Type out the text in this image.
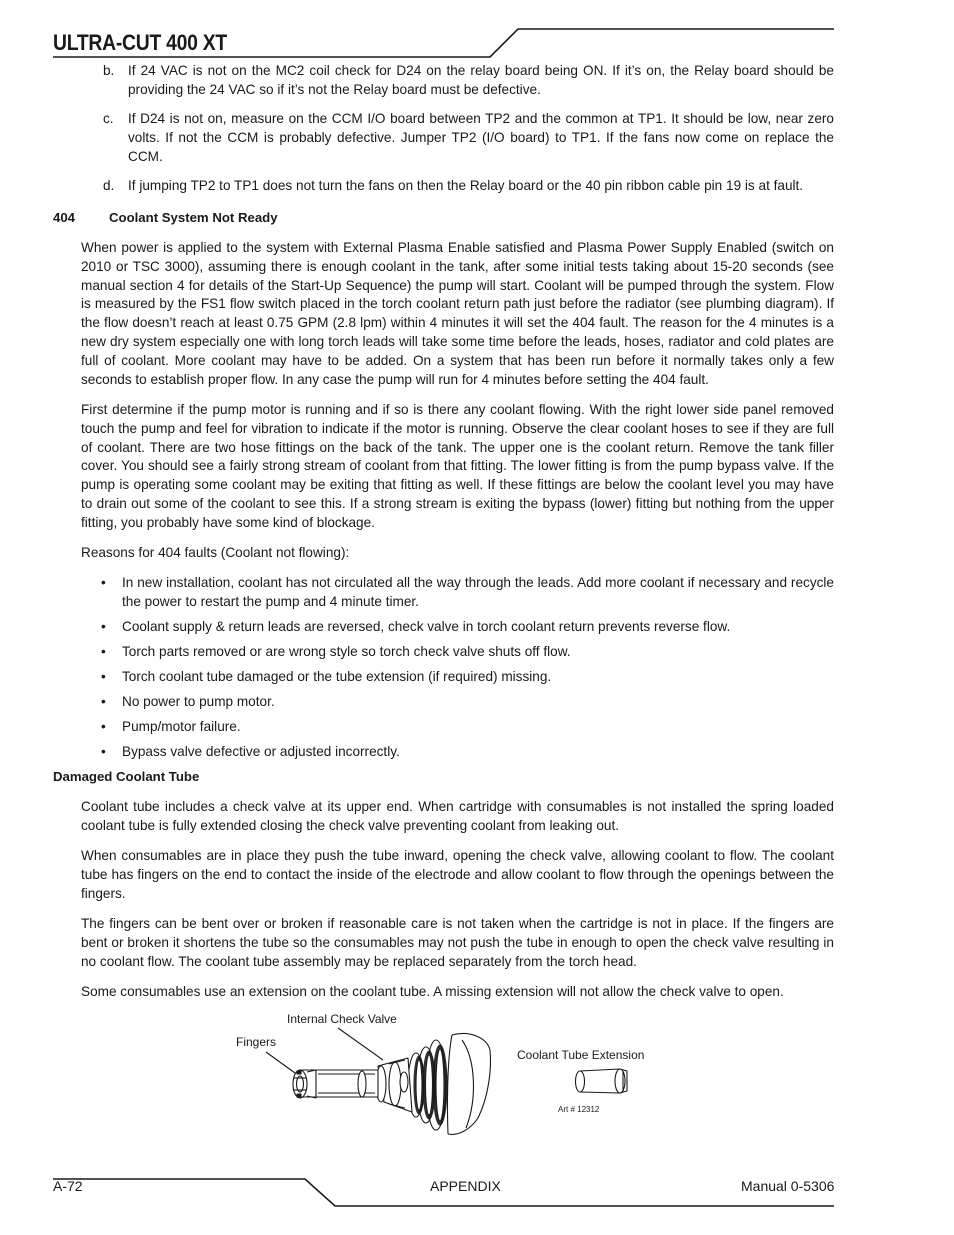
ULTRA-CUT 400 XT
b. If 24 VAC is not on the MC2 coil check for D24 on the relay board being ON. If it’s on, the Relay board should be providing the 24 VAC so if it’s not the Relay board must be defective.
c. If D24 is not on, measure on the CCM I/O board between TP2 and the common at TP1. It should be low, near zero volts. If not the CCM is probably defective. Jumper TP2 (I/O board) to TP1. If the fans now come on replace the CCM.
d. If jumping TP2 to TP1 does not turn the fans on then the Relay board or the 40 pin ribbon cable pin 19 is at fault.
404	Coolant System Not Ready
When power is applied to the system with External Plasma Enable satisfied and Plasma Power Supply Enabled (switch on 2010 or TSC 3000), assuming there is enough coolant in the tank, after some initial tests taking about 15-20 seconds (see manual section 4 for details of the Start-Up Sequence) the pump will start. Coolant will be pumped through the system. Flow is measured by the FS1 flow switch placed in the torch coolant return path just before the radiator (see plumbing diagram). If the flow doesn’t reach at least 0.75 GPM (2.8 lpm) within 4 minutes it will set the 404 fault. The reason for the 4 minutes is a new dry system especially one with long torch leads will take some time before the leads, hoses, radiator and cold plates are full of coolant. More coolant may have to be added. On a system that has been run before it normally takes only a few seconds to establish proper flow. In any case the pump will run for 4 minutes before setting the 404 fault.
First determine if the pump motor is running and if so is there any coolant flowing. With the right lower side panel removed touch the pump and feel for vibration to indicate if the motor is running. Observe the clear coolant hoses to see if they are full of coolant. There are two hose fittings on the back of the tank. The upper one is the coolant return. Remove the tank filler cover. You should see a fairly strong stream of coolant from that fitting. The lower fitting is from the pump bypass valve. If the pump is operating some coolant may be exiting that fitting as well. If these fittings are below the coolant level you may have to drain out some of the coolant to see this. If a strong stream is exiting the bypass (lower) fitting but nothing from the upper fitting, you probably have some kind of blockage.
Reasons for 404 faults (Coolant not flowing):
• In new installation, coolant has not circulated all the way through the leads. Add more coolant if necessary and recycle the power to restart the pump and 4 minute timer.
• Coolant supply & return leads are reversed, check valve in torch coolant return prevents reverse flow.
• Torch parts removed or are wrong style so torch check valve shuts off flow.
• Torch coolant tube damaged or the tube extension (if required) missing.
• No power to pump motor.
• Pump/motor failure.
• Bypass valve defective or adjusted incorrectly.
Damaged Coolant Tube
Coolant tube includes a check valve at its upper end. When cartridge with consumables is not installed the spring loaded coolant tube is fully extended closing the check valve preventing coolant from leaking out.
When consumables are in place they push the tube inward, opening the check valve, allowing coolant to flow. The coolant tube has fingers on the end to contact the inside of the electrode and allow coolant to flow through the openings between the fingers.
The fingers can be bent over or broken if reasonable care is not taken when the cartridge is not in place. If the fingers are bent or broken it shortens the tube so the consumables may not push the tube in enough to open the check valve resulting in no coolant flow. The coolant tube assembly may be replaced separately from the torch head.
Some consumables use an extension on the coolant tube. A missing extension will not allow the check valve to open.
Internal Check Valve
Fingers
Coolant Tube Extension
Art # 12312
A-72	APPENDIX	Manual 0-5306
